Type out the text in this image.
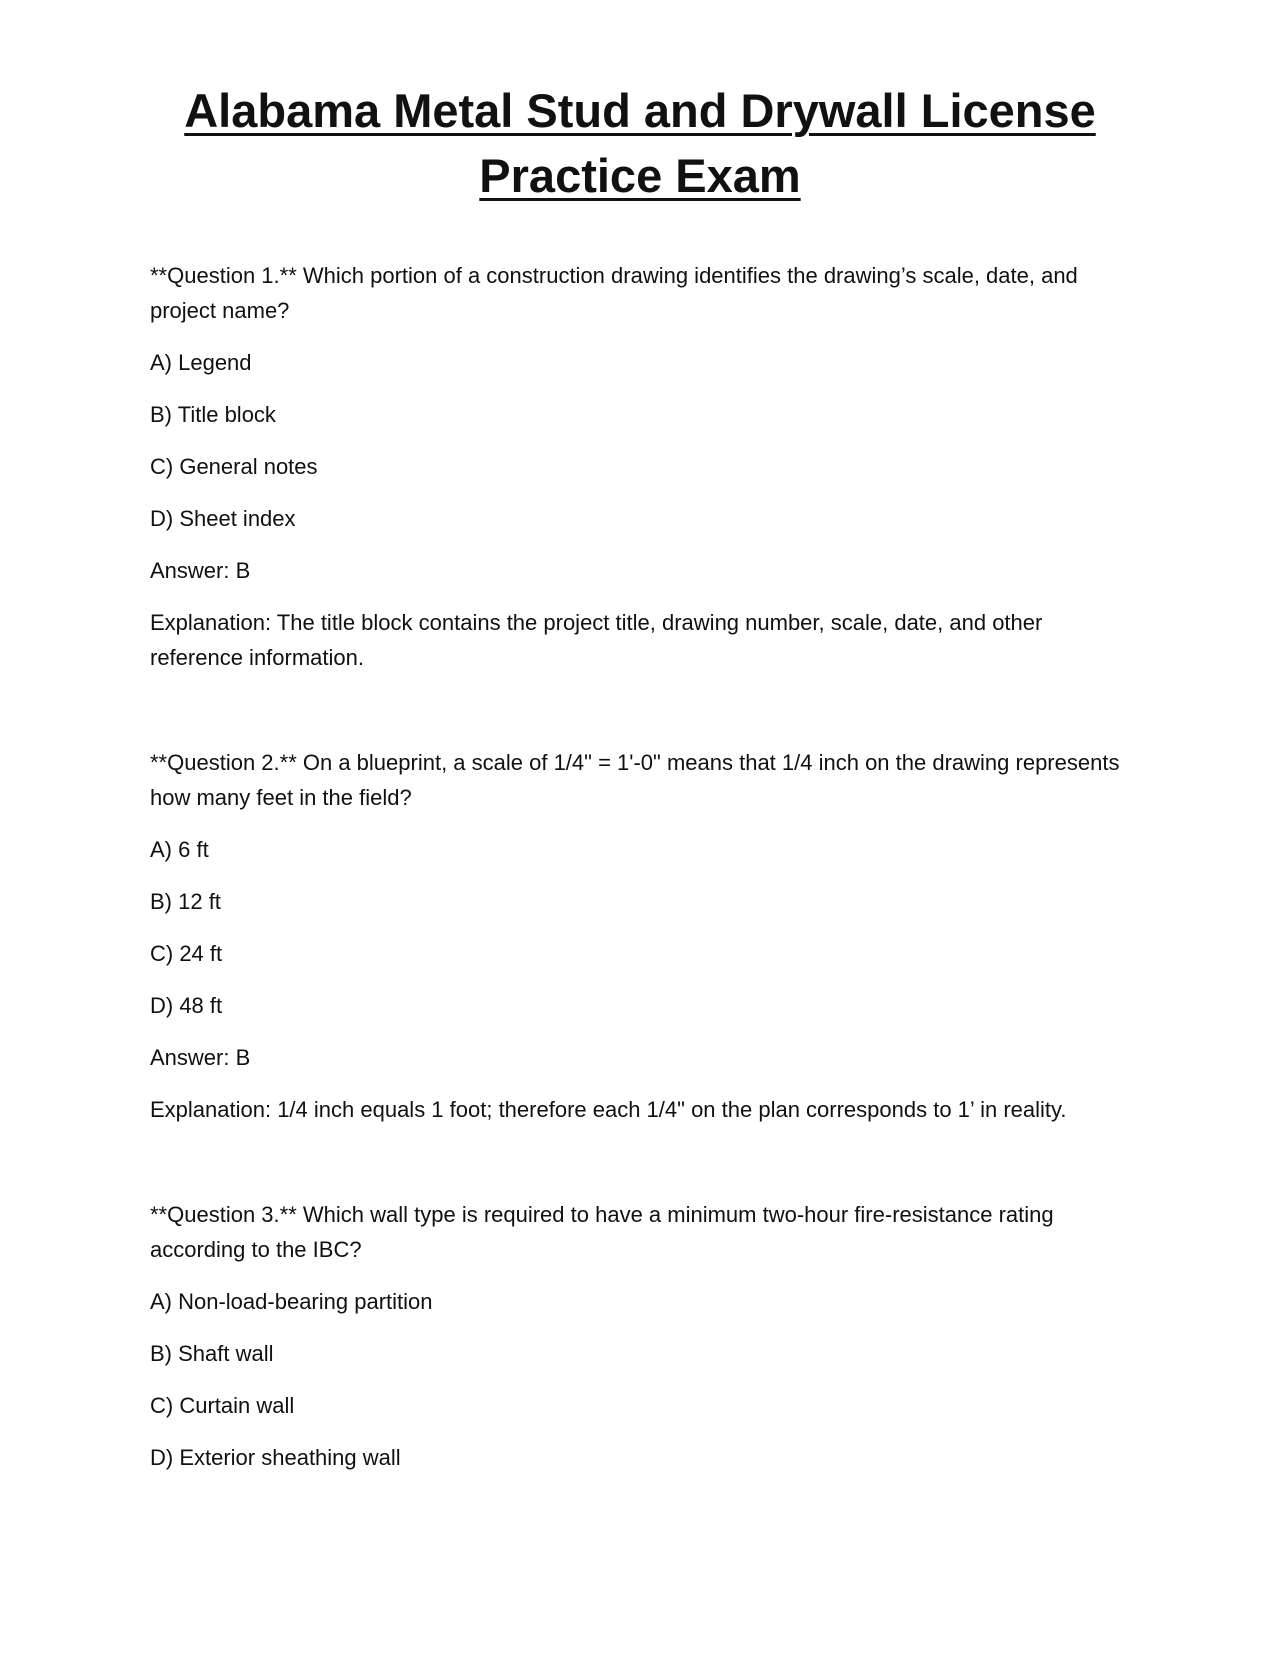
Alabama Metal Stud and Drywall License Practice Exam

**Question 1.** Which portion of a construction drawing identifies the drawing’s scale, date, and project name?

A) Legend

B) Title block

C) General notes

D) Sheet index

Answer: B

Explanation: The title block contains the project title, drawing number, scale, date, and other reference information.

**Question 2.** On a blueprint, a scale of 1/4" = 1'-0" means that 1/4 inch on the drawing represents how many feet in the field?

A) 6 ft

B) 12 ft

C) 24 ft

D) 48 ft

Answer: B

Explanation: 1/4 inch equals 1 foot; therefore each 1/4" on the plan corresponds to 1’ in reality.

**Question 3.** Which wall type is required to have a minimum two-hour fire-resistance rating according to the IBC?

A) Non-load-bearing partition

B) Shaft wall

C) Curtain wall

D) Exterior sheathing wall
